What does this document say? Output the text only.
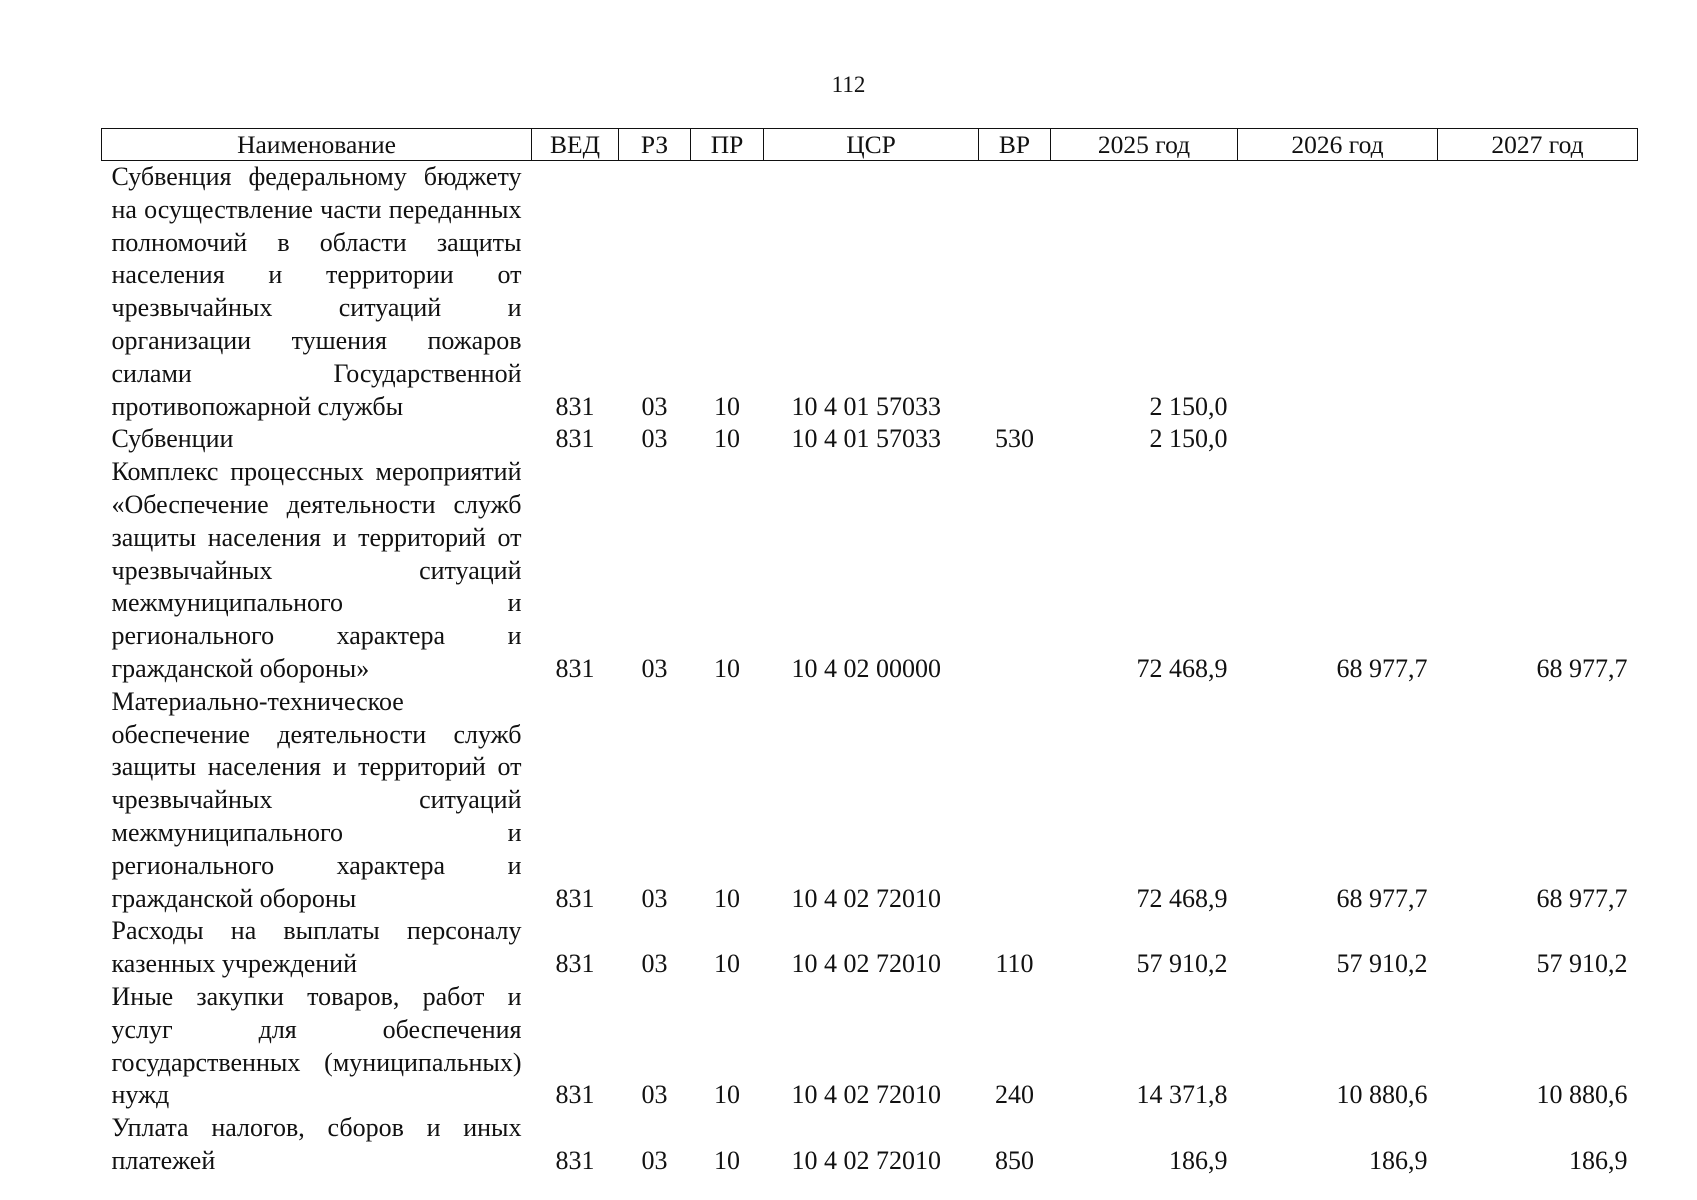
112
Наименование	ВЕД	РЗ	ПР	ЦСР	ВР	2025 год	2026 год	2027 год
Субвенция федеральному бюджету на осуществление части переданных полномочий в области защиты населения и территории от чрезвычайных ситуаций и организации тушения пожаров силами Государственной противопожарной службы	831	03	10	10 4 01 57033		2 150,0		
Субвенции	831	03	10	10 4 01 57033	530	2 150,0		
Комплекс процессных мероприятий «Обеспечение деятельности служб защиты населения и территорий от чрезвычайных ситуаций межмуниципального и регионального характера и гражданской обороны»	831	03	10	10 4 02 00000		72 468,9	68 977,7	68 977,7
Материально-техническое обеспечение деятельности служб защиты населения и территорий от чрезвычайных ситуаций межмуниципального и регионального характера и гражданской обороны	831	03	10	10 4 02 72010		72 468,9	68 977,7	68 977,7
Расходы на выплаты персоналу казенных учреждений	831	03	10	10 4 02 72010	110	57 910,2	57 910,2	57 910,2
Иные закупки товаров, работ и услуг для обеспечения государственных (муниципальных) нужд	831	03	10	10 4 02 72010	240	14 371,8	10 880,6	10 880,6
Уплата налогов, сборов и иных платежей	831	03	10	10 4 02 72010	850	186,9	186,9	186,9
